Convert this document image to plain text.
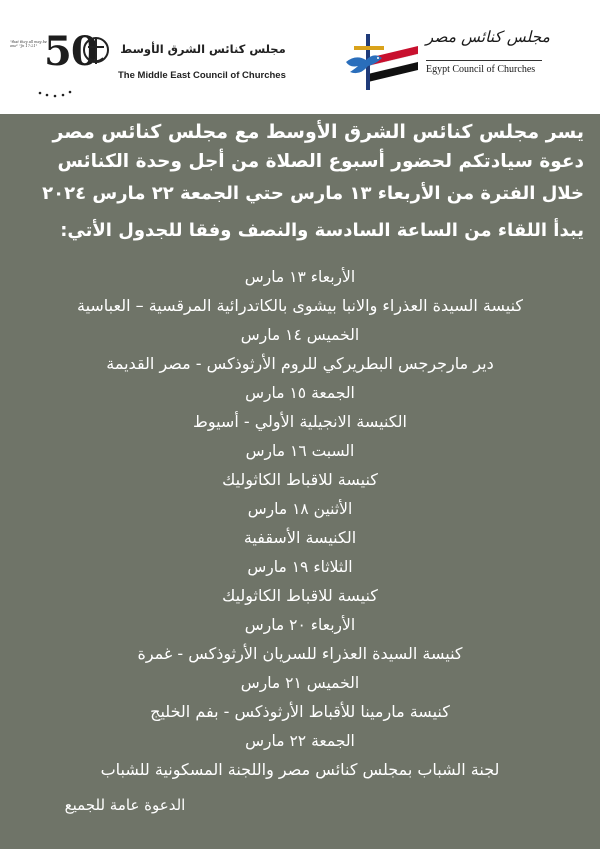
"that they all may be one" "Jn 17:21" 50 مجلس كنائس الشرق الأوسط
The Middle East Council of Churches
مجلس كنائس مصر
Egypt Council of Churches
يسر مجلس كنائس الشرق الأوسط مع مجلس كنائس مصر
دعوة سيادتكم لحضور أسبوع الصلاة من أجل وحدة الكنائس
خلال الفترة من الأربعاء ١٣ مارس حتي الجمعة ٢٢ مارس ٢٠٢٤
يبدأ اللقاء من الساعة السادسة والنصف وفقا للجدول الأتي:
الأربعاء ١٣ مارس
كنيسة السيدة العذراء والانبا بيشوى بالكاتدرائية المرقسية – العباسية
الخميس ١٤ مارس
دير مارجرجس البطريركي للروم الأرثوذكس - مصر القديمة
الجمعة ١٥ مارس
الكنيسة الانجيلية الأولي - أسيوط
السبت ١٦ مارس
كنيسة للاقباط الكاثوليك
الأثنين ١٨ مارس
الكنيسة الأسقفية
الثلاثاء ١٩ مارس
كنيسة للاقباط الكاثوليك
الأربعاء ٢٠ مارس
كنيسة السيدة العذراء للسريان الأرثوذكس - غمرة
الخميس ٢١ مارس
كنيسة مارمينا للأقباط الأرثوذكس - بفم الخليج
الجمعة ٢٢ مارس
لجنة الشباب بمجلس كنائس مصر واللجنة المسكونية للشباب
الدعوة عامة للجميع
